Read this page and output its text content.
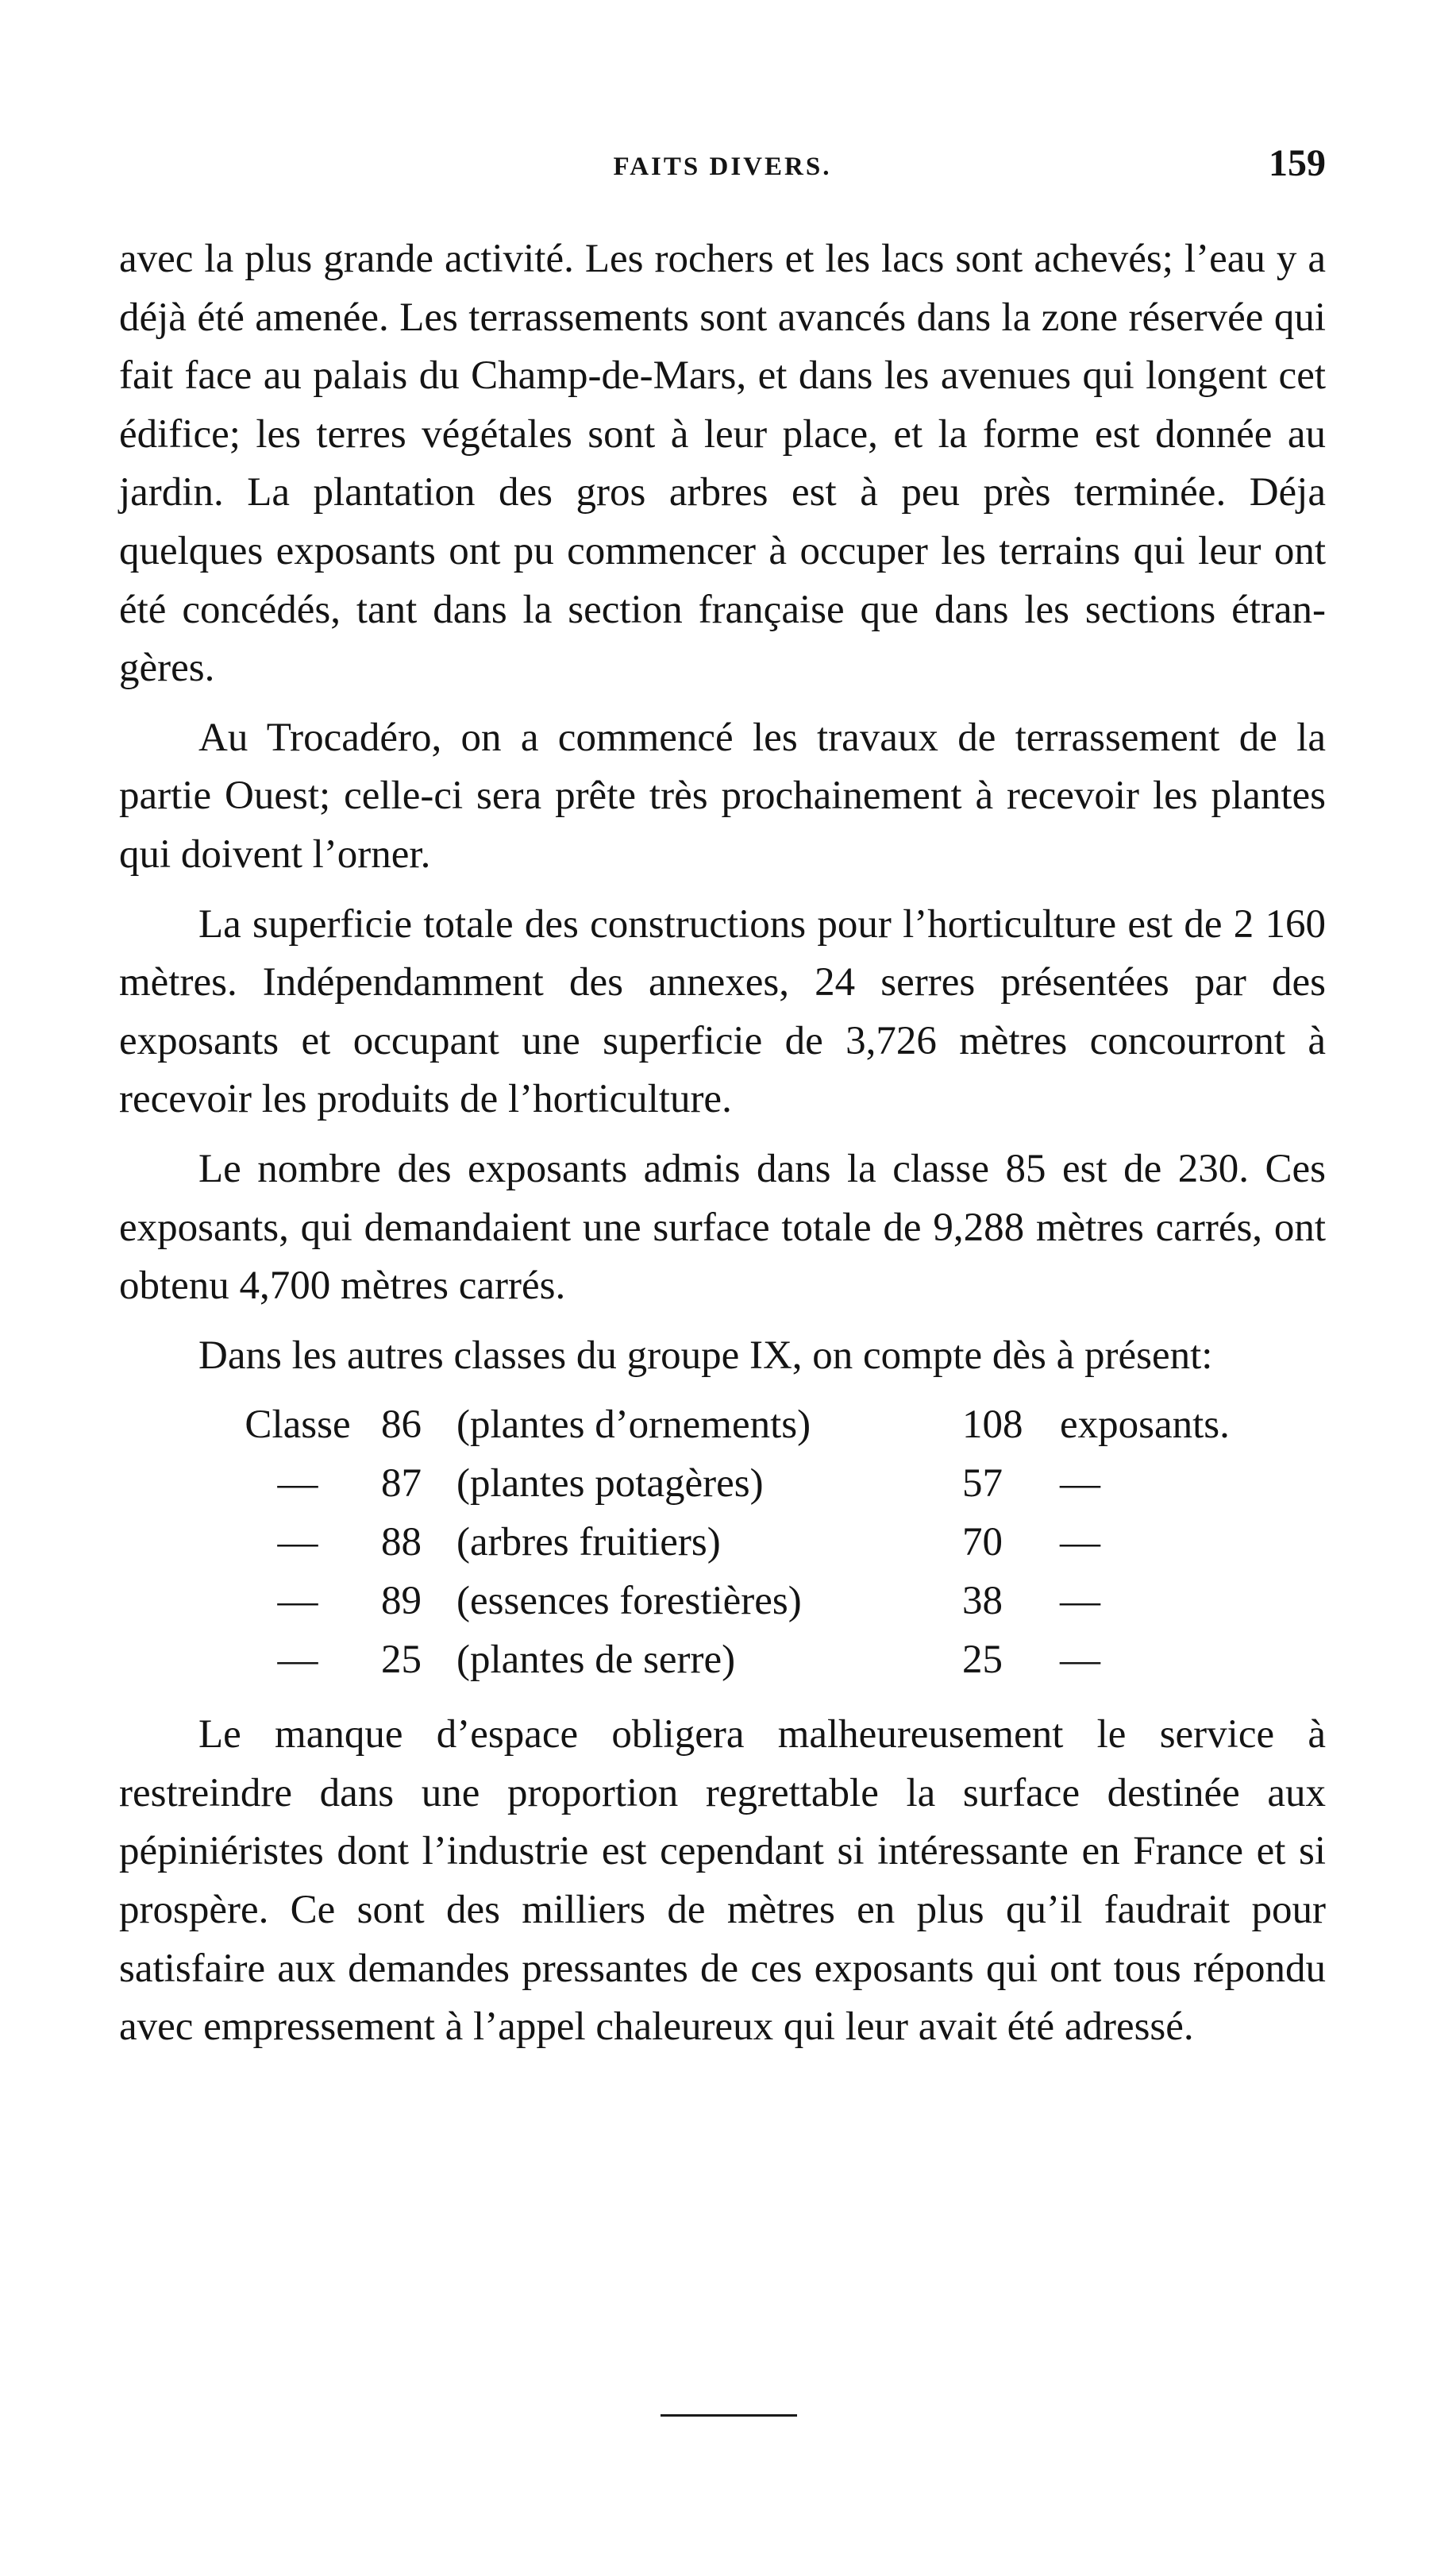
FAITS DIVERS.	159

avec la plus grande activité. Les rochers et les lacs sont achevés; l’eau y a déjà été amenée. Les terrassements sont avancés dans la zone réservée qui fait face au palais du Champ-de-Mars, et dans les avenues qui longent cet édifice; les terres végétales sont à leur place, et la forme est donnée au jardin. La plantation des gros arbres est à peu près terminée. Déja quelques exposants ont pu commencer à occuper les terrains qui leur ont été concédés, tant dans la section française que dans les sections étrangères.

Au Trocadéro, on a commencé les travaux de terrassement de la partie Ouest; celle-ci sera prête très prochainement à recevoir les plantes qui doivent l’orner.

La superficie totale des constructions pour l’horticulture est de 2 160 mètres. Indépendamment des annexes, 24 serres présentées par des exposants et occupant une superficie de 3,726 mètres concourront à recevoir les produits de l’horticulture.

Le nombre des exposants admis dans la classe 85 est de 230. Ces exposants, qui demandaient une surface totale de 9,288 mètres carrés, ont obtenu 4,700 mètres carrés.

Dans les autres classes du groupe IX, on compte dès à présent:

Classe 86 (plantes d’ornements)	108 exposants.
—	87 (plantes potagères)	57	—
—	88 (arbres fruitiers)	70	—
—	89 (essences forestières)	38	—
—	25 (plantes de serre)	25	—

Le manque d’espace obligera malheureusement le service à restreindre dans une proportion regrettable la surface destinée aux pépiniéristes dont l’industrie est cependant si intéressante en France et si prospère. Ce sont des milliers de mètres en plus qu’il faudrait pour satisfaire aux demandes pressantes de ces exposants qui ont tous répondu avec empressement à l’appel chaleureux qui leur avait été adressé.
